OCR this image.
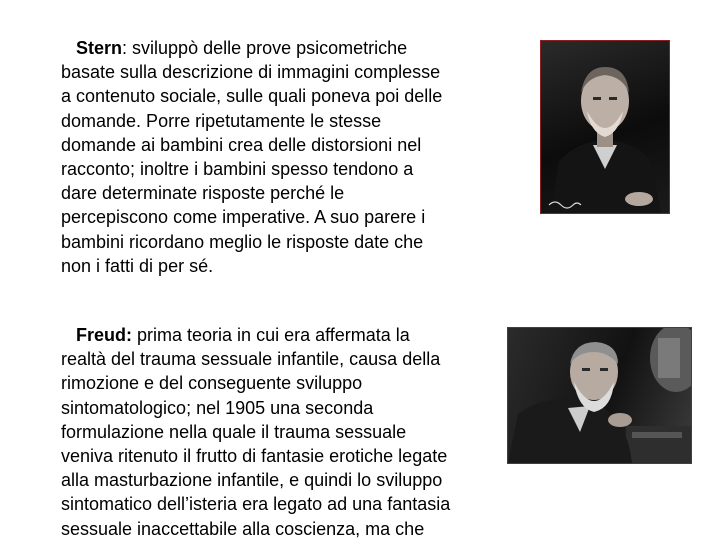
Stern: sviluppò delle prove psicometriche
basate sulla descrizione di immagini complesse
a contenuto sociale, sulle quali poneva poi delle
domande. Porre ripetutamente le stesse
domande ai bambini crea delle distorsioni nel
racconto; inoltre i bambini spesso tendono a
dare determinate risposte perché le
percepiscono come imperative. A suo parere i
bambini ricordano meglio le risposte date che
non i fatti di per sé.
Freud: prima teoria in cui era affermata la
realtà del trauma sessuale infantile, causa della
rimozione e del conseguente sviluppo
sintomatologico; nel 1905 una seconda
formulazione nella quale il trauma sessuale
veniva ritenuto il frutto di fantasie erotiche legate
alla masturbazione infantile, e quindi lo sviluppo
sintomatico dell’isteria era legato ad una fantasia
sessuale inaccettabile alla coscienza, ma che
